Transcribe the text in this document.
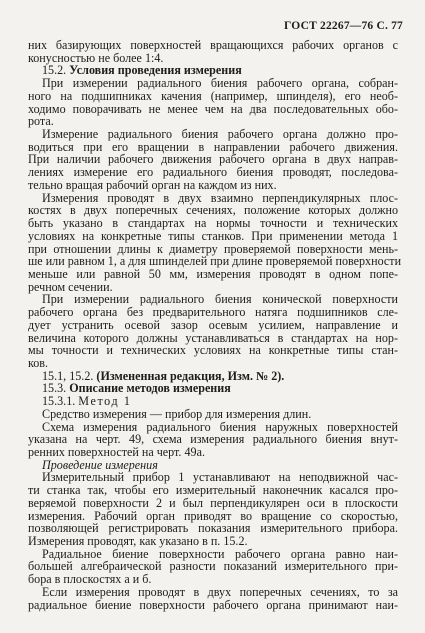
ГОСТ 22267—76 С. 77
них базирующих поверхностей вращающихся рабочих органов с
конусностью не более 1:4.
15.2. Условия проведения измерения
При измерении радиального биения рабочего органа, собран-
ного на подшипниках качения (например, шпинделя), его необ-
ходимо поворачивать не менее чем на два последовательных обо-
рота.
Измерение радиального биения рабочего органа должно про-
водиться при его вращении в направлении рабочего движения.
При наличии рабочего движения рабочего органа в двух направ-
лениях измерение его радиального биения проводят, последова-
тельно вращая рабочий орган на каждом из них.
Измерения проводят в двух взаимно перпендикулярных плос-
костях в двух поперечных сечениях, положение которых должно
быть указано в стандартах на нормы точности и технических
условиях на конкретные типы станков. При применении метода 1
при отношении длины к диаметру проверяемой поверхности мень-
ше или равном 1, а для шпинделей при длине проверяемой поверхности
меньше или равной 50 мм, измерения проводят в одном попе-
речном сечении.
При измерении радиального биения конической поверхности
рабочего органа без предварительного натяга подшипников сле-
дует устранить осевой зазор осевым усилием, направление и
величина которого должны устанавливаться в стандартах на нор-
мы точности и технических условиях на конкретные типы стан-
ков.
15.1, 15.2. (Измененная редакция, Изм. № 2).
15.3. Описание методов измерения
15.3.1. Метод 1
Средство измерения — прибор для измерения длин.
Схема измерения радиального биения наружных поверхностей
указана на черт. 49, схема измерения радиального биения внут-
ренних поверхностей на черт. 49а.
Проведение измерения
Измерительный прибор 1 устанавливают на неподвижной час-
ти станка так, чтобы его измерительный наконечник касался про-
веряемой поверхности 2 и был перпендикулярен оси в плоскости
измерения. Рабочий орган приводят во вращение со скоростью,
позволяющей регистрировать показания измерительного прибора.
Измерения проводят, как указано в п. 15.2.
Радиальное биение поверхности рабочего органа равно наи-
большей алгебраической разности показаний измерительного при-
бора в плоскостях а и б.
Если измерения проводят в двух поперечных сечениях, то за
радиальное биение поверхности рабочего органа принимают наи-
